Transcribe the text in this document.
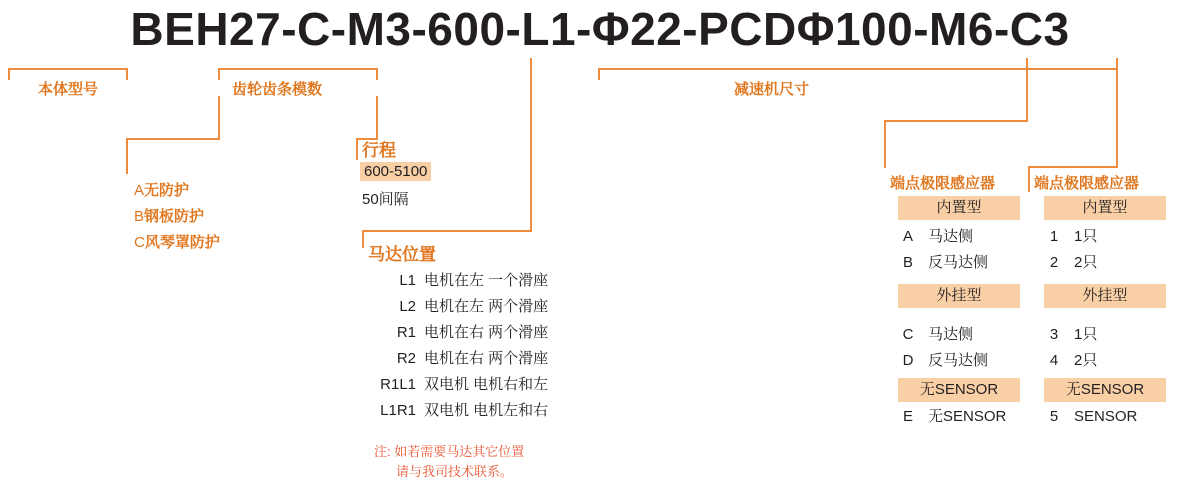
BEH27-C-M3-600-L1-Φ22-PCDΦ100-M6-C3
本体型号	齿轮齿条模数	减速机尺寸
A无防护
B钢板防护
C风琴罩防护
行程
600-5100
50间隔
马达位置
L1 电机在左 一个滑座
L2 电机在左 两个滑座
R1 电机在右 两个滑座
R2 电机在右 两个滑座
R1L1 双电机 电机右和左
L1R1 双电机 电机左和右
注: 如若需要马达其它位置
请与我司技术联系。
端点极限感应器
内置型
A 马达侧
B 反马达侧
外挂型
C 马达侧
D 反马达侧
无SENSOR
E 无SENSOR
端点极限感应器
内置型
1 1只
2 2只
外挂型
3 1只
4 2只
无SENSOR
5 SENSOR
